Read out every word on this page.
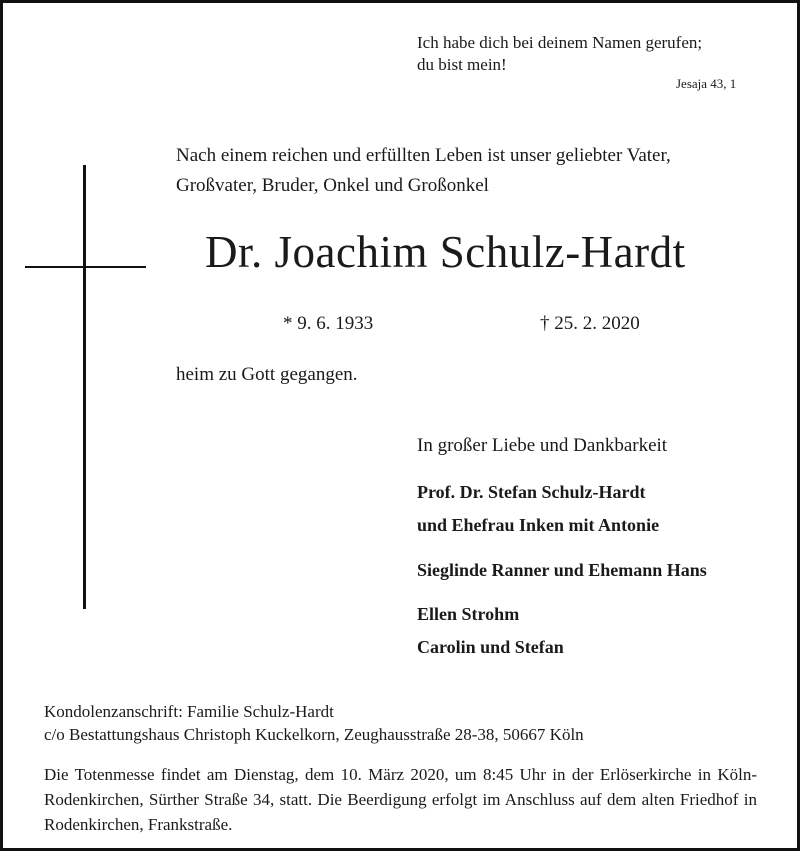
Ich habe dich bei deinem Namen gerufen;
du bist mein!
Jesaja 43, 1
Nach einem reichen und erfüllten Leben ist unser geliebter Vater,
Großvater, Bruder, Onkel und Großonkel
Dr. Joachim Schulz-Hardt
* 9. 6. 1933	† 25. 2. 2020
heim zu Gott gegangen.
In großer Liebe und Dankbarkeit
Prof. Dr. Stefan Schulz-Hardt
und Ehefrau Inken mit Antonie
Sieglinde Ranner und Ehemann Hans
Ellen Strohm
Carolin und Stefan
Kondolenzanschrift: Familie Schulz-Hardt
c/o Bestattungshaus Christoph Kuckelkorn, Zeughausstraße 28-38, 50667 Köln
Die Totenmesse findet am Dienstag, dem 10. März 2020, um 8:45 Uhr in der Erlöserkirche in Köln-Rodenkirchen, Sürther Straße 34, statt. Die Beerdigung erfolgt im Anschluss auf dem alten Friedhof in Rodenkirchen, Frankstraße.
